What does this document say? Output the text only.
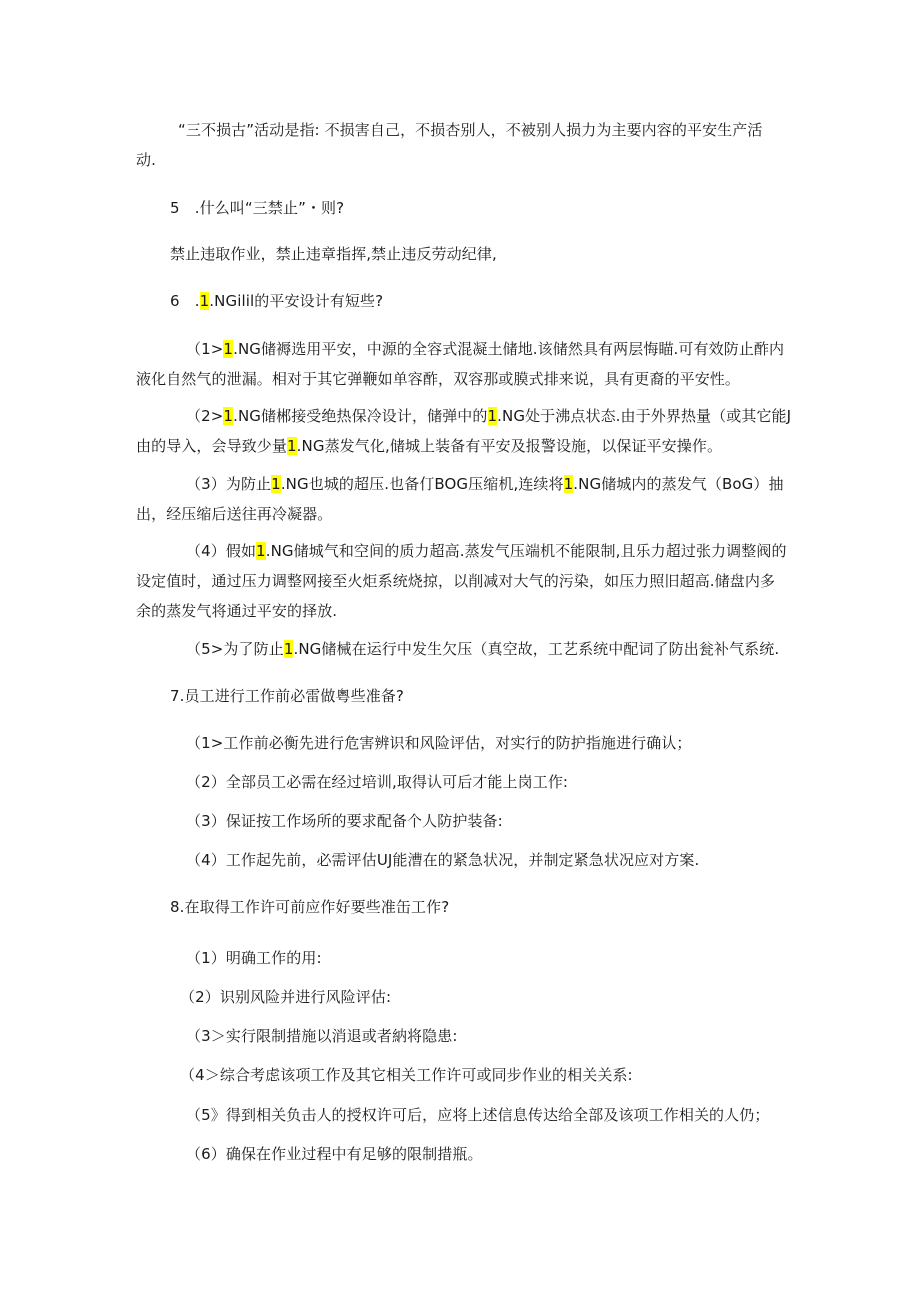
“三不损古”活动是指: 不损害自己，不损杏别人，不被别人损力为主要内容的平安生产活

动.

5　.什么叫“三禁止”・则?

禁止违取作业，禁止违章指挥,禁止违反劳动纪律,

6　.1.NGilil的平安设计有短些?

（1>1.NG储褥选用平安，中源的全容式混凝土储地.该储然具有两层悔瞄.可有效防止酢内

液化自然气的泄漏。相对于其它弹鞭如单容酢，双容那或膜式排来说，具有更裔的平安性。

（2>1.NG储郴接受绝热保冷设计，储弹中的1.NG处于沸点状态.由于外界热量（或其它能J

由的导入，会导致少量1.NG蒸发气化,储城上装备有平安及报警设施，以保证平安操作。

（3）为防止1.NG也城的超压.也备仃BOG压缩机,连续将1.NG储城内的蒸发气（BoG）抽

出，经压缩后送往再冷凝器。

（4）假如1.NG储城气和空间的质力超高.蒸发气压端机不能限制,且乐力超过张力调整阀的

设定值时，通过压力调整网接至火炬系统烧掠，以削减对大气的污染，如压力照旧超高.储盘内多

余的蒸发气将通过平安的择放.

（5>为了防止1.NG储械在运行中发生欠压（真空故，工艺系统中配词了防出瓮补气系统.

7.员工进行工作前必雷做粤些准备?

（1>工作前必衡先进行危害辨识和风险评估，对实行的防护指施进行确认；

（2）全部员工必需在经过培训,取得认可后才能上岗工作:

（3）保证按工作场所的要求配备个人防护装备:

（4）工作起先前，必需评估UJ能漕在的紧急状况，并制定紧急状况应对方案.

8.在取得工作许可前应作好要些准缶工作?

（1）明确工作的用:

（2）识别风险并进行风险评估:

（3＞实行限制措施以消退或者納将隐患:

（4＞综合考虑该项工作及其它相关工作许可或同步作业的相关关系:

（5》得到相关负击人的授权许可后，应将上述信息传达给全部及该项工作相关的人仍；

（6）确保在作业过程中有足够的限制措瓶。
